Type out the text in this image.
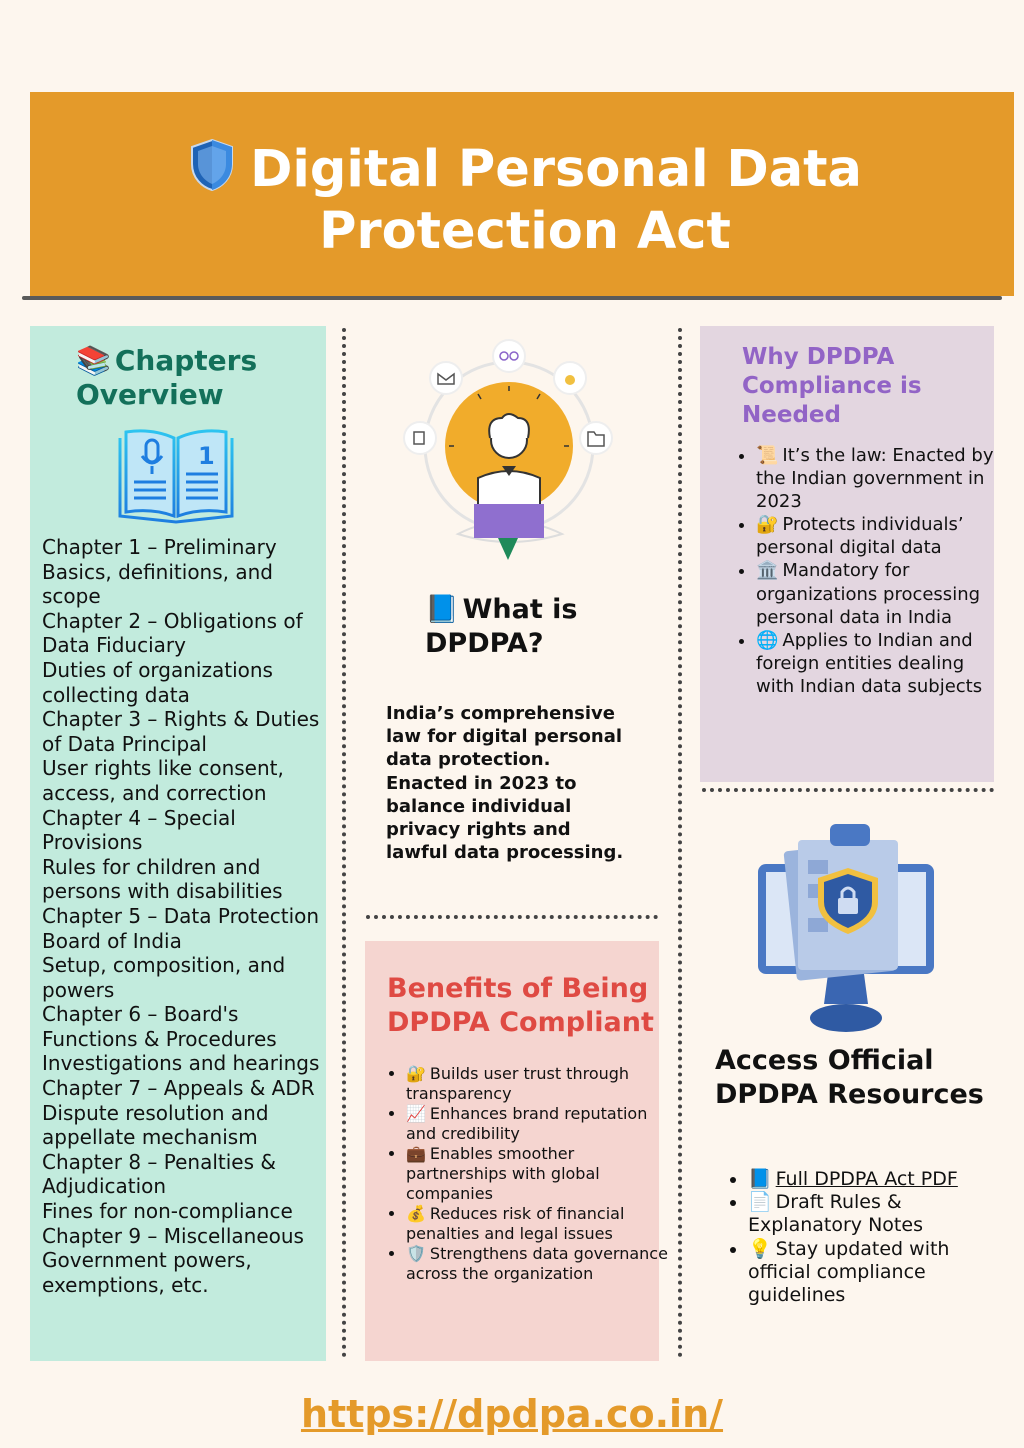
Digital Personal Data Protection Act
📚 Chapters Overview
1
Chapter 1 – Preliminary
Basics, definitions, and scope
Chapter 2 – Obligations of Data Fiduciary
Duties of organizations collecting data
Chapter 3 – Rights & Duties of Data Principal
User rights like consent, access, and correction
Chapter 4 – Special Provisions
Rules for children and persons with disabilities
Chapter 5 – Data Protection Board of India
Setup, composition, and powers
Chapter 6 – Board's Functions & Procedures
Investigations and hearings
Chapter 7 – Appeals & ADR
Dispute resolution and appellate mechanism
Chapter 8 – Penalties & Adjudication
Fines for non-compliance
Chapter 9 – Miscellaneous
Government powers, exemptions, etc.
📘 What is DPDPA?
India’s comprehensive law for digital personal data protection. Enacted in 2023 to balance individual privacy rights and lawful data processing.
Benefits of Being DPDPA Compliant
• 🔐 Builds user trust through transparency
• 📈 Enhances brand reputation and credibility
• 💼 Enables smoother partnerships with global companies
• 💰 Reduces risk of financial penalties and legal issues
• 🛡️ Strengthens data governance across the organization
Why DPDPA Compliance is Needed
• 📜 It’s the law: Enacted by the Indian government in 2023
• 🔐 Protects individuals’ personal digital data
• 🏛️ Mandatory for organizations processing personal data in India
• 🌐 Applies to Indian and foreign entities dealing with Indian data subjects
Access Official DPDPA Resources
• 📘 Full DPDPA Act PDF
• 📄 Draft Rules & Explanatory Notes
• 💡 Stay updated with official compliance guidelines
https://dpdpa.co.in/
